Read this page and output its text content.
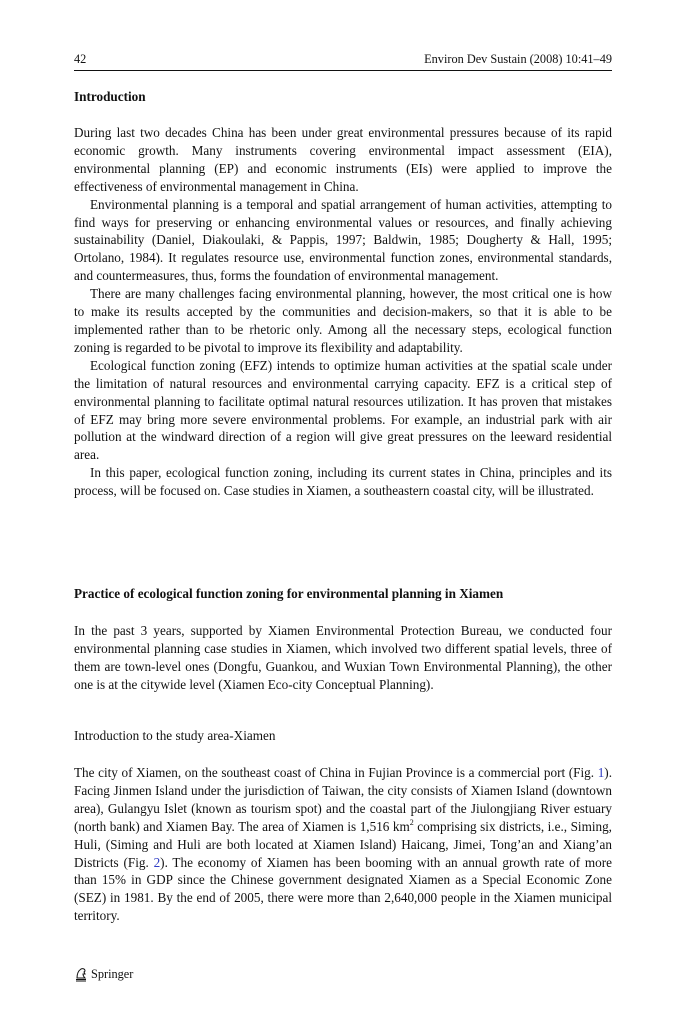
42	Environ Dev Sustain (2008) 10:41–49
Introduction

During last two decades China has been under great environmental pressures because of its rapid economic growth. Many instruments covering environmental impact assessment (EIA), environmental planning (EP) and economic instruments (EIs) were applied to improve the effectiveness of environmental management in China.

Environmental planning is a temporal and spatial arrangement of human activities, attempting to find ways for preserving or enhancing environmental values or resources, and finally achieving sustainability (Daniel, Diakoulaki, & Pappis, 1997; Baldwin, 1985; Dougherty & Hall, 1995; Ortolano, 1984). It regulates resource use, environmental function zones, environmental standards, and countermeasures, thus, forms the foundation of environmental management.

There are many challenges facing environmental planning, however, the most critical one is how to make its results accepted by the communities and decision-makers, so that it is able to be implemented rather than to be rhetoric only. Among all the necessary steps, ecological function zoning is regarded to be pivotal to improve its flexibility and adaptability.

Ecological function zoning (EFZ) intends to optimize human activities at the spatial scale under the limitation of natural resources and environmental carrying capacity. EFZ is a critical step of environmental planning to facilitate optimal natural resources utilization. It has proven that mistakes of EFZ may bring more severe environmental problems. For example, an industrial park with air pollution at the windward direction of a region will give great pressures on the leeward residential area.

In this paper, ecological function zoning, including its current states in China, principles and its process, will be focused on. Case studies in Xiamen, a southeastern coastal city, will be illustrated.

Practice of ecological function zoning for environmental planning in Xiamen

In the past 3 years, supported by Xiamen Environmental Protection Bureau, we conducted four environmental planning case studies in Xiamen, which involved two different spatial levels, three of them are town-level ones (Dongfu, Guankou, and Wuxian Town Environmental Planning), the other one is at the citywide level (Xiamen Eco-city Conceptual Planning).

Introduction to the study area-Xiamen

The city of Xiamen, on the southeast coast of China in Fujian Province is a commercial port (Fig. 1). Facing Jinmen Island under the jurisdiction of Taiwan, the city consists of Xiamen Island (downtown area), Gulangyu Islet (known as tourism spot) and the coastal part of the Jiulongjiang River estuary (north bank) and Xiamen Bay. The area of Xiamen is 1,516 $km^2$ comprising six districts, i.e., Siming, Huli, (Siming and Huli are both located at Xiamen Island) Haicang, Jimei, Tong’an and Xiang’an Districts (Fig. 2). The economy of Xiamen has been booming with an annual growth rate of more than 15% in GDP since the Chinese government designated Xiamen as a Special Economic Zone (SEZ) in 1981. By the end of 2005, there were more than 2,640,000 people in the Xiamen municipal territory.

Springer
